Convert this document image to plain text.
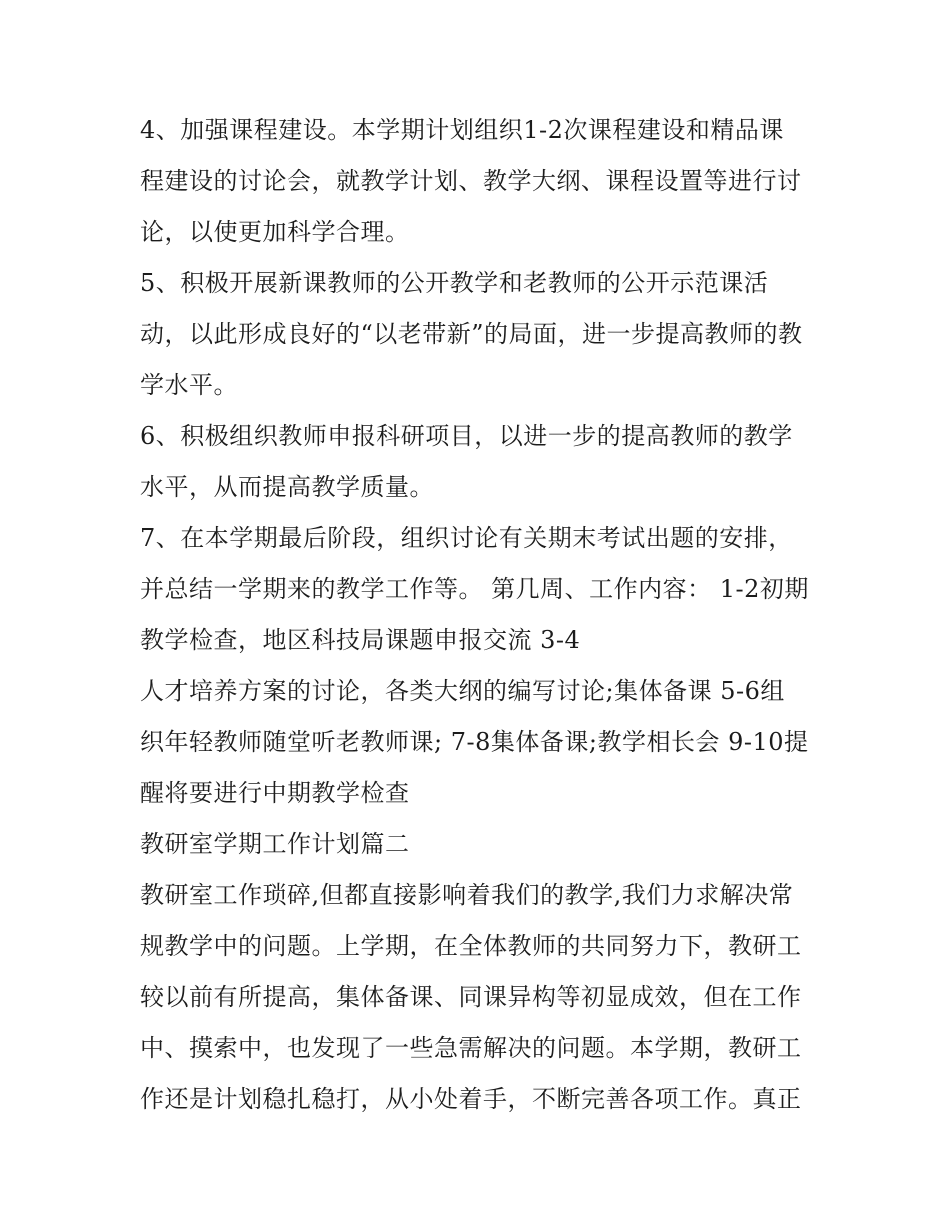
4、加强课程建设。本学期计划组织1-2次课程建设和精品课
程建设的讨论会，就教学计划、教学大纲、课程设置等进行讨
论，以使更加科学合理。
5、积极开展新课教师的公开教学和老教师的公开示范课活
动，以此形成良好的“以老带新”的局面，进一步提高教师的教
学水平。
6、积极组织教师申报科研项目，以进一步的提高教师的教学
水平，从而提高教学质量。
7、在本学期最后阶段，组织讨论有关期末考试出题的安排，
并总结一学期来的教学工作等。 第几周、工作内容： 1-2初期
教学检查，地区科技局课题申报交流 3-4
人才培养方案的讨论，各类大纲的编写讨论;集体备课 5-6组
织年轻教师随堂听老教师课; 7-8集体备课;教学相长会 9-10提
醒将要进行中期教学检查
教研室学期工作计划篇二
教研室工作琐碎,但都直接影响着我们的教学,我们力求解决常
规教学中的问题。上学期，在全体教师的共同努力下，教研工
较以前有所提高，集体备课、同课异构等初显成效，但在工作
中、摸索中，也发现了一些急需解决的问题。本学期，教研工
作还是计划稳扎稳打，从小处着手，不断完善各项工作。真正
